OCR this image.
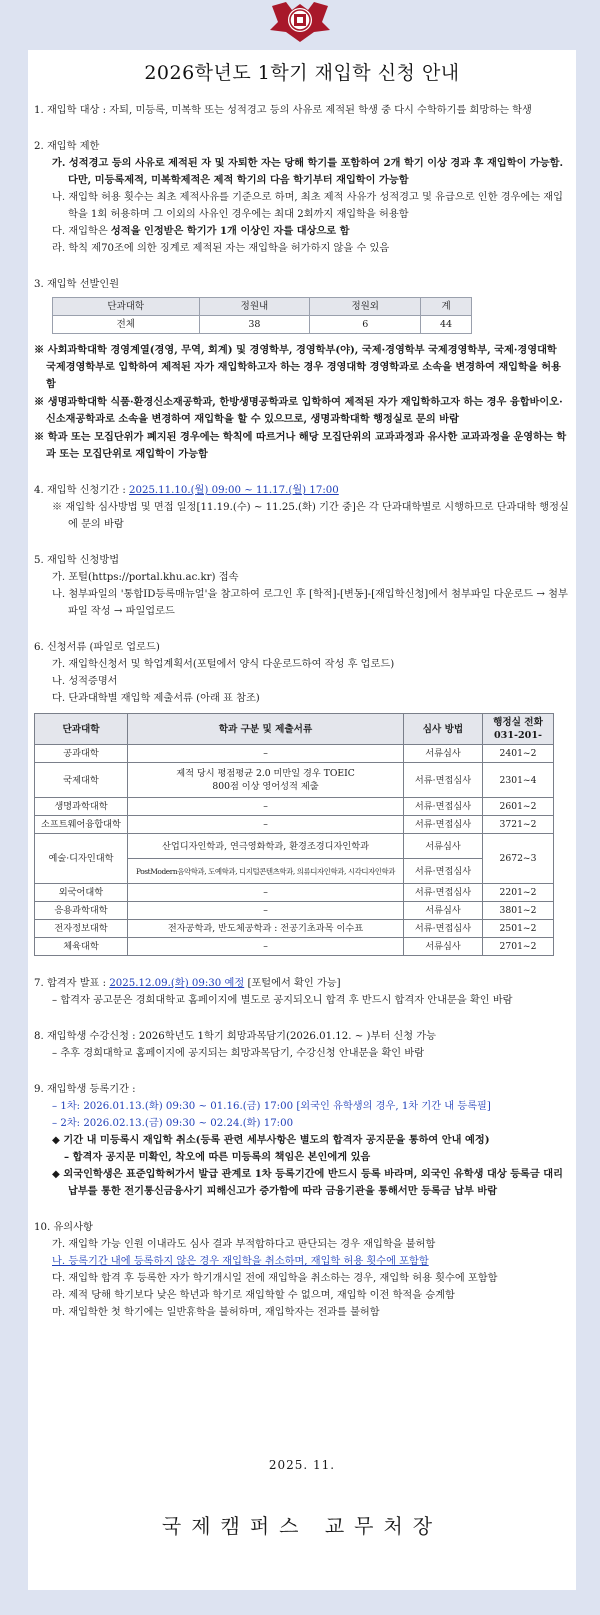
2026학년도 1학기 재입학 신청 안내
1. 재입학 대상 : 자퇴, 미등록, 미복학 또는 성적경고 등의 사유로 제적된 학생 중 다시 수학하기를 희망하는 학생
2. 재입학 제한
가. 성적경고 등의 사유로 제적된 자 및 자퇴한 자는 당해 학기를 포함하여 2개 학기 이상 경과 후 재입학이 가능함. 다만, 미등록제적, 미복학제적은 제적 학기의 다음 학기부터 재입학이 가능함
나. 재입학 허용 횟수는 최초 제적사유를 기준으로 하며, 최초 제적 사유가 성적경고 및 유급으로 인한 경우에는 재입학을 1회 허용하며 그 이외의 사유인 경우에는 최대 2회까지 재입학을 허용함
다. 재입학은 성적을 인정받은 학기가 1개 이상인 자를 대상으로 함
라. 학칙 제70조에 의한 징계로 제적된 자는 재입학을 허가하지 않을 수 있음
3. 재입학 선발인원
단과대학	정원내	정원외	계
전체	38	6	44
※ 사회과학대학 경영계열(경영, 무역, 회계) 및 경영학부, 경영학부(야), 국제·경영학부 국제경영학부, 국제·경영대학 국제경영학부로 입학하여 제적된 자가 재입학하고자 하는 경우 경영대학 경영학과로 소속을 변경하여 재입학을 허용함
※ 생명과학대학 식품·환경신소재공학과, 한방생명공학과로 입학하여 제적된 자가 재입학하고자 하는 경우 융합바이오·신소재공학과로 소속을 변경하여 재입학을 할 수 있으므로, 생명과학대학 행정실로 문의 바람
※ 학과 또는 모집단위가 폐지된 경우에는 학칙에 따르거나 해당 모집단위의 교과과정과 유사한 교과과정을 운영하는 학과 또는 모집단위로 재입학이 가능함
4. 재입학 신청기간 : 2025.11.10.(월) 09:00 ~ 11.17.(월) 17:00
※ 재입학 심사방법 및 면접 일정[11.19.(수) ~ 11.25.(화) 기간 중]은 각 단과대학별로 시행하므로 단과대학 행정실에 문의 바람
5. 재입학 신청방법
가. 포털(https://portal.khu.ac.kr) 접속
나. 첨부파일의 '통합ID등록매뉴얼'을 참고하여 로그인 후 [학적]-[변동]-[재입학신청]에서 첨부파일 다운로드 → 첨부파일 작성 → 파일업로드
6. 신청서류 (파일로 업로드)
가. 재입학신청서 및 학업계획서(포털에서 양식 다운로드하여 작성 후 업로드)
나. 성적증명서
다. 단과대학별 재입학 제출서류 (아래 표 참조)
단과대학	학과 구분 및 제출서류	심사 방법	행정실 전화 031-201-
공과대학	–	서류심사	2401~2
국제대학	제적 당시 평점평균 2.0 미만일 경우 TOEIC 800점 이상 영어성적 제출	서류·면접심사	2301~4
생명과학대학	–	서류·면접심사	2601~2
소프트웨어융합대학	–	서류·면접심사	3721~2
예술·디자인대학	산업디자인학과, 연극영화학과, 환경조경디자인학과	서류심사	2672~3
	PostModern음악학과, 도예학과, 디지털콘텐츠학과, 의류디자인학과, 시각디자인학과	서류·면접심사	
외국어대학	–	서류·면접심사	2201~2
응용과학대학	–	서류심사	3801~2
전자정보대학	전자공학과, 반도체공학과 : 전공기초과목 이수표	서류·면접심사	2501~2
체육대학	–	서류심사	2701~2
7. 합격자 발표 : 2025.12.09.(화) 09:30 예정 [포털에서 확인 가능]
– 합격자 공고문은 경희대학교 홈페이지에 별도로 공지되오니 합격 후 반드시 합격자 안내문을 확인 바람
8. 재입학생 수강신청 : 2026학년도 1학기 희망과목담기(2026.01.12. ~ )부터 신청 가능
– 추후 경희대학교 홈페이지에 공지되는 희망과목담기, 수강신청 안내문을 확인 바람
9. 재입학생 등록기간 :
– 1차: 2026.01.13.(화) 09:30 ~ 01.16.(금) 17:00 [외국인 유학생의 경우, 1차 기간 내 등록필]
– 2차: 2026.02.13.(금) 09:30 ~ 02.24.(화) 17:00
◆ 기간 내 미등록시 재입학 취소(등록 관련 세부사항은 별도의 합격자 공지문을 통하여 안내 예정)
– 합격자 공지문 미확인, 착오에 따른 미등록의 책임은 본인에게 있음
◆ 외국인학생은 표준입학허가서 발급 관계로 1차 등록기간에 반드시 등록 바라며, 외국인 유학생 대상 등록금 대리납부를 통한 전기통신금융사기 피해신고가 증가함에 따라 금융기관을 통해서만 등록금 납부 바람
10. 유의사항
가. 재입학 가능 인원 이내라도 심사 결과 부적합하다고 판단되는 경우 재입학을 불허함
나. 등록기간 내에 등록하지 않은 경우 재입학을 취소하며, 재입학 허용 횟수에 포함함
다. 재입학 합격 후 등록한 자가 학기개시일 전에 재입학을 취소하는 경우, 재입학 허용 횟수에 포함함
라. 제적 당해 학기보다 낮은 학년과 학기로 재입학할 수 없으며, 재입학 이전 학적을 승계함
마. 재입학한 첫 학기에는 일반휴학을 불허하며, 재입학자는 전과를 불허함
2025. 11.
국제캠퍼스 교무처장
